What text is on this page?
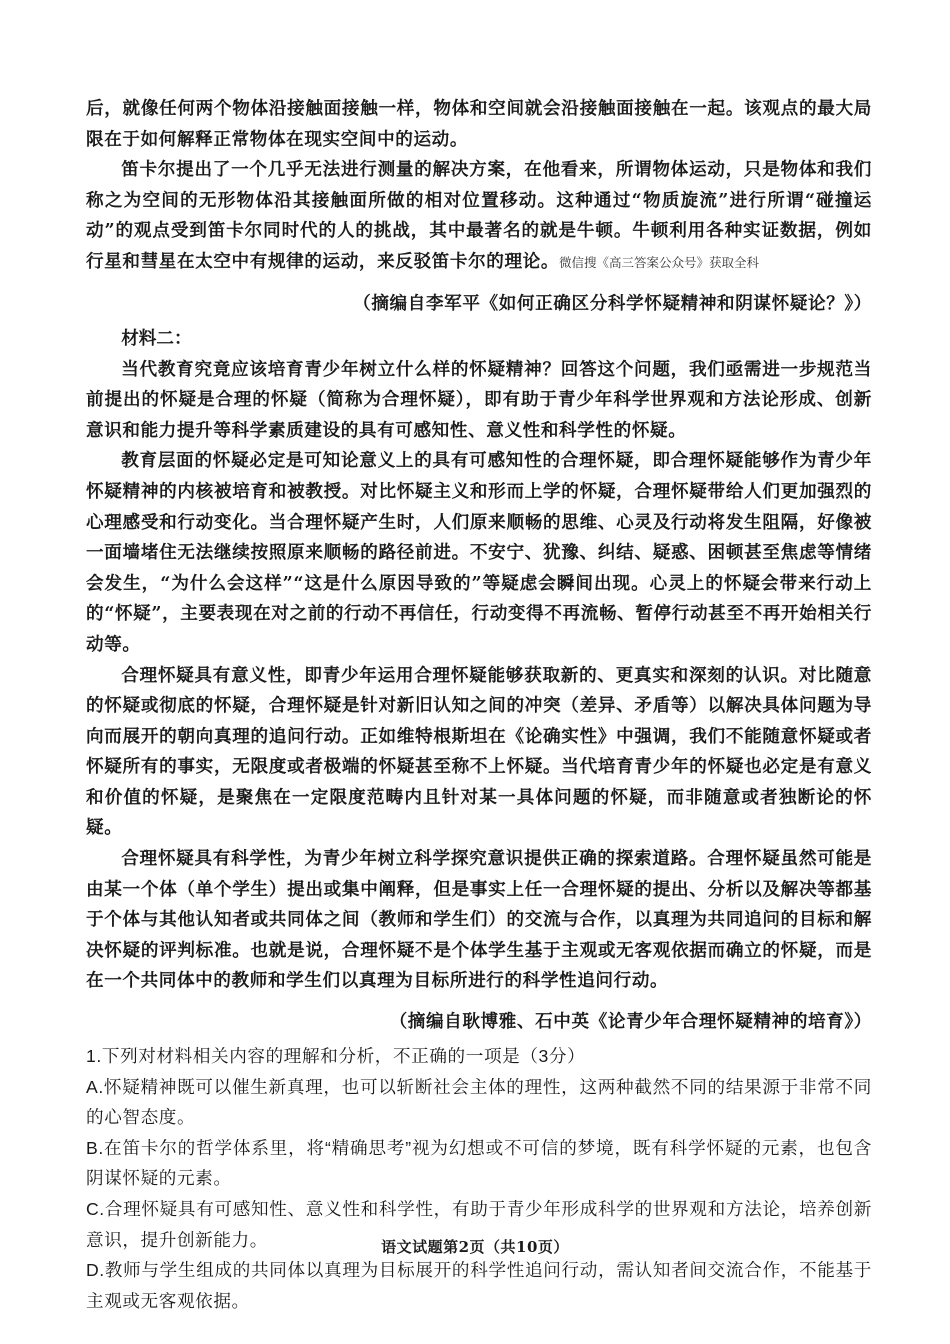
后，就像任何两个物体沿接触面接触一样，物体和空间就会沿接触面接触在一起。该观点的最大局限在于如何解释正常物体在现实空间中的运动。

笛卡尔提出了一个几乎无法进行测量的解决方案，在他看来，所谓物体运动，只是物体和我们称之为空间的无形物体沿其接触面所做的相对位置移动。这种通过“物质旋流”进行所谓“碰撞运动”的观点受到笛卡尔同时代的人的挑战，其中最著名的就是牛顿。牛顿利用各种实证数据，例如行星和彗星在太空中有规律的运动，来反驳笛卡尔的理论。微信搜《高三答案公众号》获取全科

（摘编自李军平《如何正确区分科学怀疑精神和阴谋怀疑论？》）

材料二：

当代教育究竟应该培育青少年树立什么样的怀疑精神？回答这个问题，我们亟需进一步规范当前提出的怀疑是合理的怀疑（简称为合理怀疑），即有助于青少年科学世界观和方法论形成、创新意识和能力提升等科学素质建设的具有可感知性、意义性和科学性的怀疑。

教育层面的怀疑必定是可知论意义上的具有可感知性的合理怀疑，即合理怀疑能够作为青少年怀疑精神的内核被培育和被教授。对比怀疑主义和形而上学的怀疑，合理怀疑带给人们更加强烈的心理感受和行动变化。当合理怀疑产生时，人们原来顺畅的思维、心灵及行动将发生阻隔，好像被一面墙堵住无法继续按照原来顺畅的路径前进。不安宁、犹豫、纠结、疑惑、困顿甚至焦虑等情绪会发生，“为什么会这样”“这是什么原因导致的”等疑虑会瞬间出现。心灵上的怀疑会带来行动上的“怀疑”，主要表现在对之前的行动不再信任，行动变得不再流畅、暂停行动甚至不再开始相关行动等。

合理怀疑具有意义性，即青少年运用合理怀疑能够获取新的、更真实和深刻的认识。对比随意的怀疑或彻底的怀疑，合理怀疑是针对新旧认知之间的冲突（差异、矛盾等）以解决具体问题为导向而展开的朝向真理的追问行动。正如维特根斯坦在《论确实性》中强调，我们不能随意怀疑或者怀疑所有的事实，无限度或者极端的怀疑甚至称不上怀疑。当代培育青少年的怀疑也必定是有意义和价值的怀疑，是聚焦在一定限度范畴内且针对某一具体问题的怀疑，而非随意或者独断论的怀疑。

合理怀疑具有科学性，为青少年树立科学探究意识提供正确的探索道路。合理怀疑虽然可能是由某一个体（单个学生）提出或集中阐释，但是事实上任一合理怀疑的提出、分析以及解决等都基于个体与其他认知者或共同体之间（教师和学生们）的交流与合作，以真理为共同追问的目标和解决怀疑的评判标准。也就是说，合理怀疑不是个体学生基于主观或无客观依据而确立的怀疑，而是在一个共同体中的教师和学生们以真理为目标所进行的科学性追问行动。

（摘编自耿博雅、石中英《论青少年合理怀疑精神的培育》）

1.下列对材料相关内容的理解和分析，不正确的一项是（3分）

A.怀疑精神既可以催生新真理，也可以斩断社会主体的理性，这两种截然不同的结果源于非常不同的心智态度。

B.在笛卡尔的哲学体系里，将“精确思考”视为幻想或不可信的梦境，既有科学怀疑的元素，也包含阴谋怀疑的元素。

C.合理怀疑具有可感知性、意义性和科学性，有助于青少年形成科学的世界观和方法论，培养创新意识，提升创新能力。

D.教师与学生组成的共同体以真理为目标展开的科学性追问行动，需认知者间交流合作，不能基于主观或无客观依据。

语文试题第2页（共10页）
